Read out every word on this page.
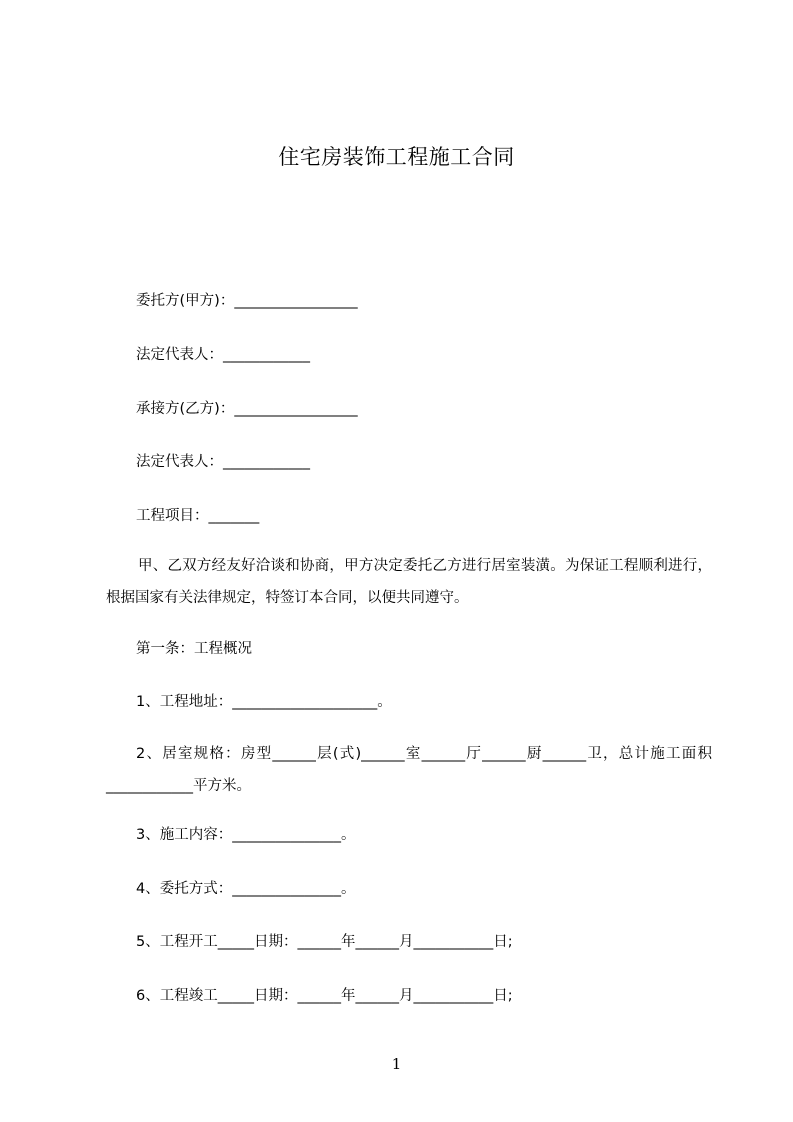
住宅房装饰工程施工合同
委托方(甲方)：_________________
法定代表人：____________
承接方(乙方)：_________________
法定代表人：____________
工程项目：_______
甲、乙双方经友好洽谈和协商，甲方决定委托乙方进行居室装潢。为保证工程顺利进行，根据国家有关法律规定，特签订本合同，以便共同遵守。
第一条：工程概况
1、工程地址：____________________。
2、居室规格：房型______层(式)______室______厅______厨______卫，总计施工面积____________平方米。
3、施工内容：_______________。
4、委托方式：_______________。
5、工程开工_____日期：______年______月___________日;
6、工程竣工_____日期：______年______月___________日;
1
